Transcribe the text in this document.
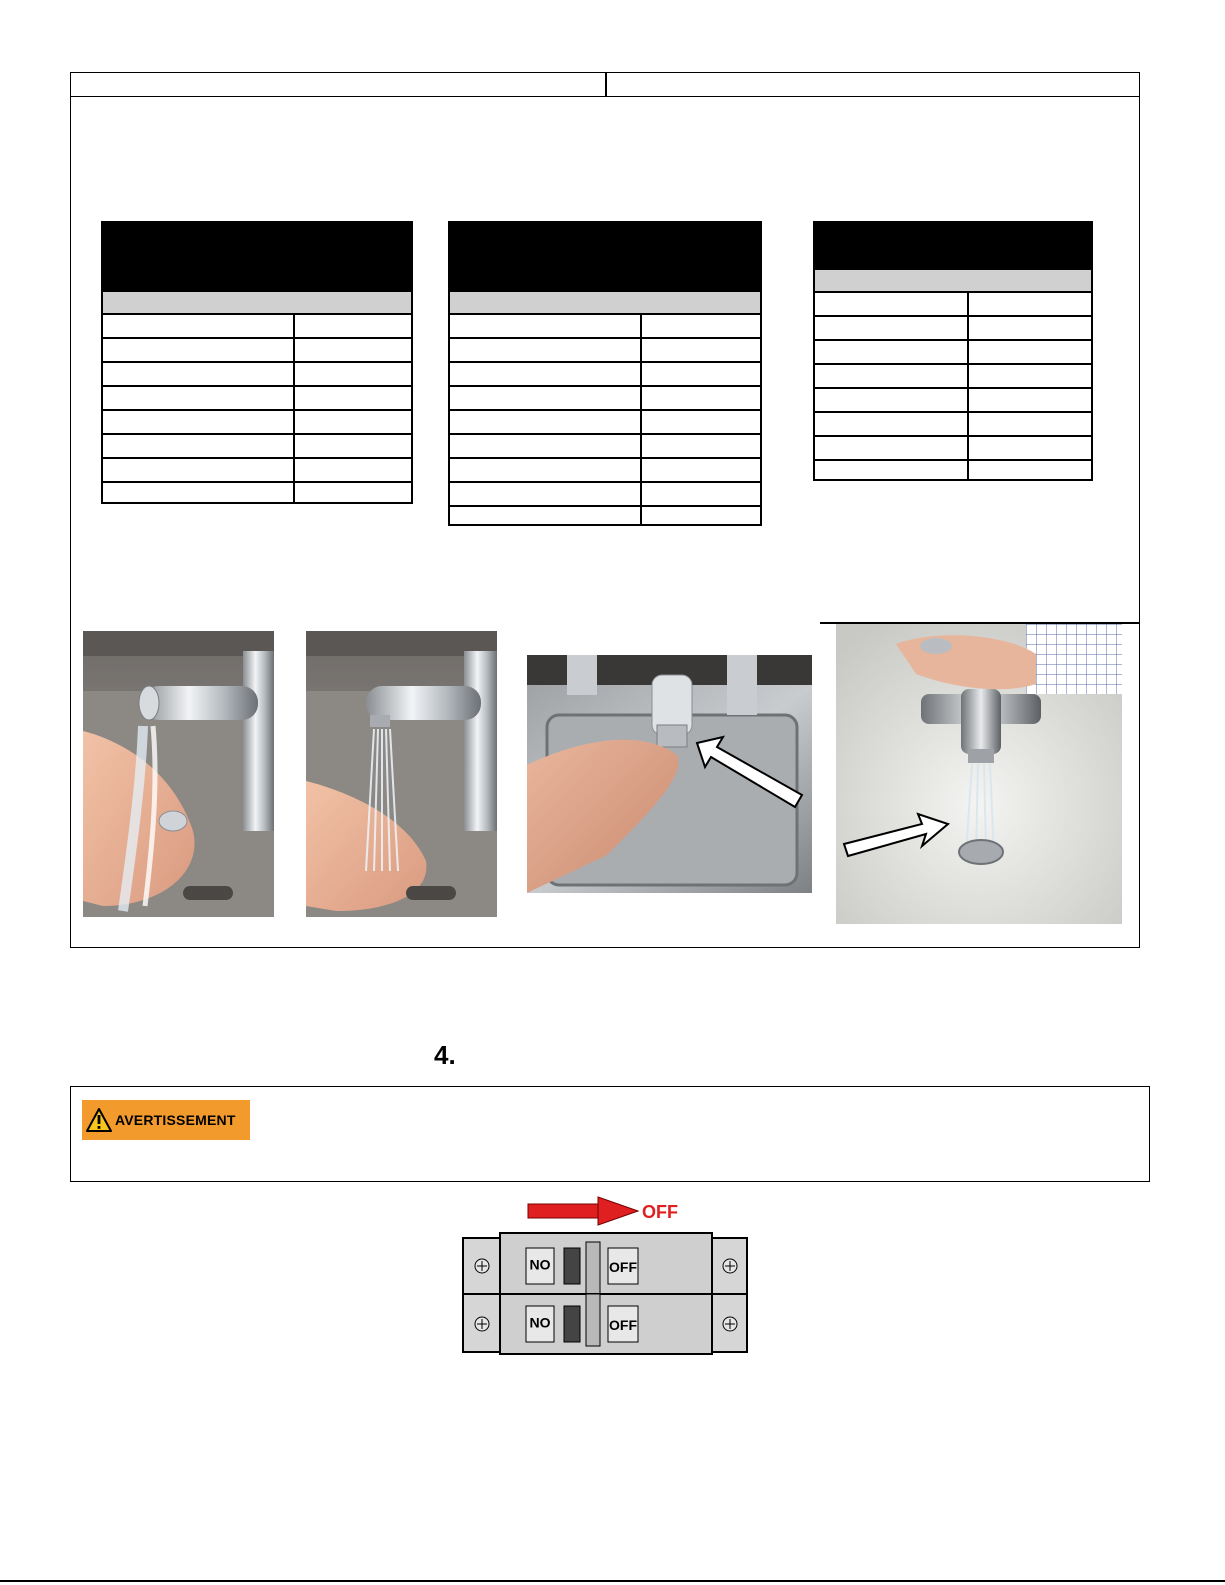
4.
AVERTISSEMENT
OFF
ON	OFF
ON	OFF
